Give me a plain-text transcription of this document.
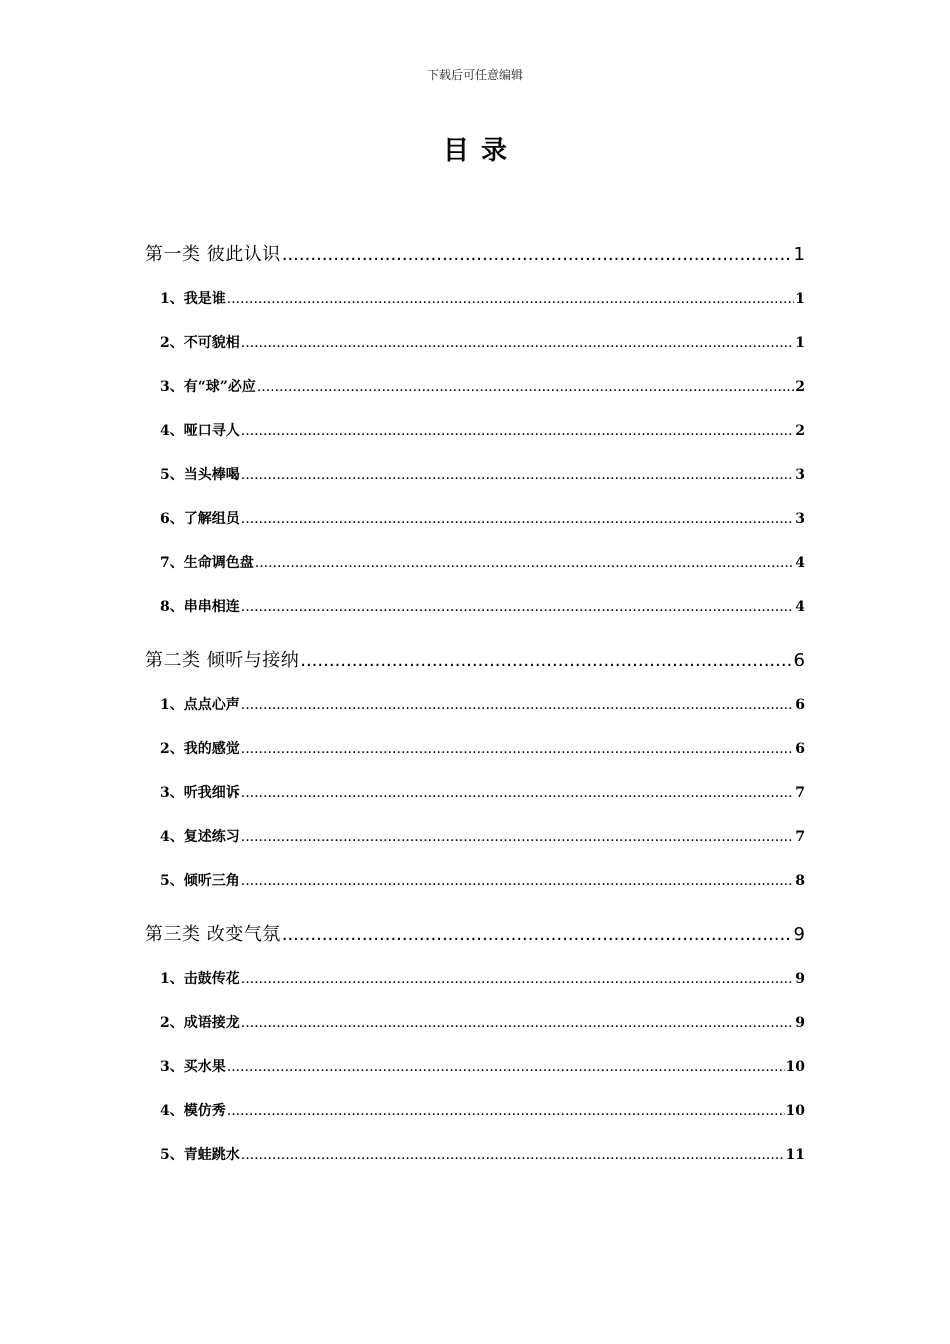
下载后可任意编辑
目录
第一类 彼此认识 .....	1
1、我是谁 .....	1
2、不可貌相 .....	1
3、有“球”必应 .....	2
4、哑口寻人 .....	2
5、当头棒喝 .....	3
6、了解组员 .....	3
7、生命调色盘 .....	4
8、串串相连 .....	4
第二类 倾听与接纳 .....	6
1、点点心声 .....	6
2、我的感觉 .....	6
3、听我细诉 .....	7
4、复述练习 .....	7
5、倾听三角 .....	8
第三类 改变气氛 .....	9
1、击鼓传花 .....	9
2、成语接龙 .....	9
3、买水果 .....	10
4、模仿秀 .....	10
5、青蛙跳水 .....	11
